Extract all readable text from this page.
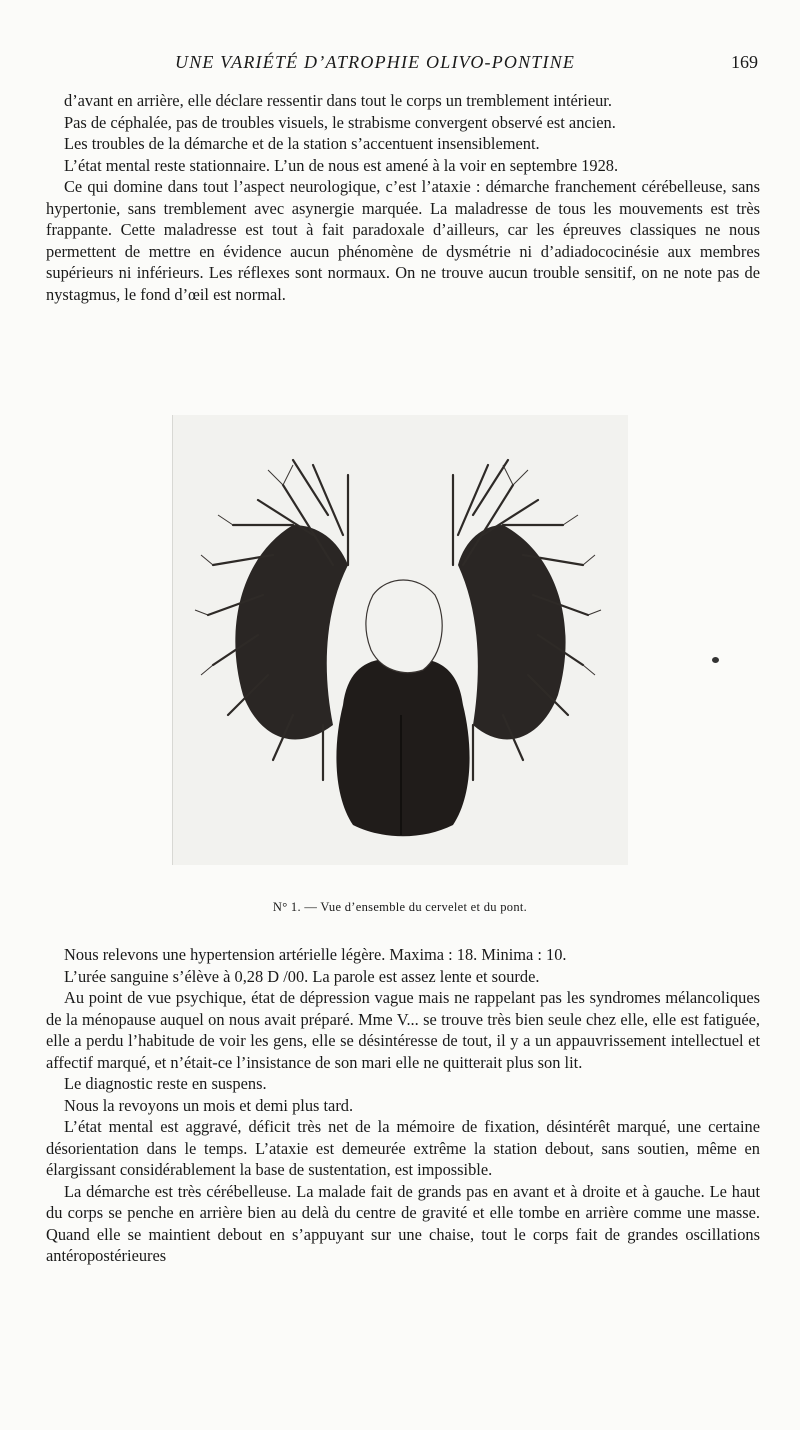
UNE VARIÉTÉ D’ATROPHIE OLIVO-PONTINE	169

d’avant en arrière, elle déclare ressentir dans tout le corps un tremblement intérieur.

Pas de céphalée, pas de troubles visuels, le strabisme convergent observé est ancien.

Les troubles de la démarche et de la station s’accentuent insensiblement.

L’état mental reste stationnaire. L’un de nous est amené à la voir en septembre 1928.

Ce qui domine dans tout l’aspect neurologique, c’est l’ataxie : démarche franchement cérébelleuse, sans hypertonie, sans tremblement avec asynergie marquée. La maladresse de tous les mouvements est très frappante. Cette maladresse est tout à fait paradoxale d’ailleurs, car les épreuves classiques ne nous permettent de mettre en évidence aucun phénomène de dysmétrie ni d’adiadococinésie aux membres supérieurs ni inférieurs. Les réflexes sont normaux. On ne trouve aucun trouble sensitif, on ne note pas de nystagmus, le fond d’œil est normal.

N° 1. — Vue d’ensemble du cervelet et du pont.

Nous relevons une hypertension artérielle légère. Maxima : 18. Minima : 10.

L’urée sanguine s’élève à 0,28 D /00. La parole est assez lente et sourde.

Au point de vue psychique, état de dépression vague mais ne rappelant pas les syndromes mélancoliques de la ménopause auquel on nous avait préparé. Mme V... se trouve très bien seule chez elle, elle est fatiguée, elle a perdu l’habitude de voir les gens, elle se désintéresse de tout, il y a un appauvrissement intellectuel et affectif marqué, et n’était-ce l’insistance de son mari elle ne quitterait plus son lit.

Le diagnostic reste en suspens.

Nous la revoyons un mois et demi plus tard.

L’état mental est aggravé, déficit très net de la mémoire de fixation, désintérêt marqué, une certaine désorientation dans le temps. L’ataxie est demeurée extrême la station debout, sans soutien, même en élargissant considérablement la base de sustentation, est impossible.

La démarche est très cérébelleuse. La malade fait de grands pas en avant et à droite et à gauche. Le haut du corps se penche en arrière bien au delà du centre de gravité et elle tombe en arrière comme une masse. Quand elle se maintient debout en s’appuyant sur une chaise, tout le corps fait de grandes oscillations antéropostérieures
